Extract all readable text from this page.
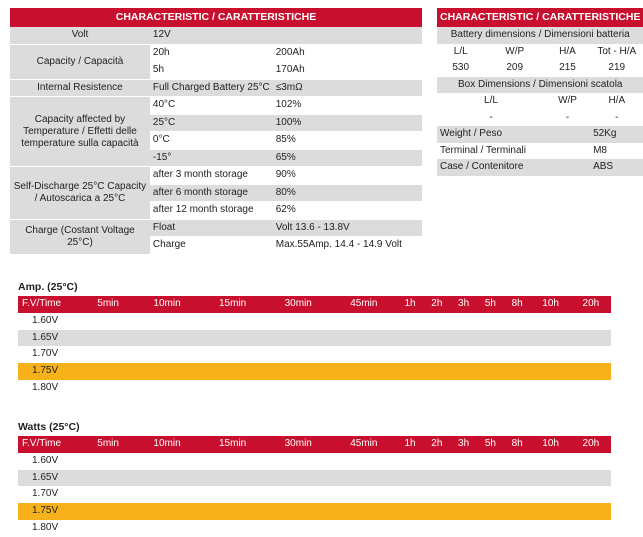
CHARACTERISTIC / CARATTERISTICHE		
Volt	12V	
Capacity / Capacità	20h	200Ah
	5h	170Ah
Internal Resistence	Full Charged Battery 25°C	≤3mΩ
Capacity affected by Temperature / Effetti delle temperature sulla capacità	40°C	102%
	25°C	100%
	0°C	85%
	-15°	65%
Self-Discharge 25°C Capacity / Autoscarica a 25°C	after 3 month storage	90%
	after 6 month storage	80%
	after 12 month storage	62%
Charge (Costant Voltage 25°C)	Float	Volt 13.6 - 13.8V
	Charge	Max.55Amp. 14.4 - 14.9 Volt
CHARACTERISTIC / CARATTERISTICHE			
Battery dimensions / Dimensioni batteria			
L/L	W/P	H/A	Tot - H/A
530	209	215	219
Box Dimensions / Dimensioni scatola			
L/L		W/P	H/A
-		-	-
Weight / Peso			52Kg
Terminal / Terminali			M8
Case / Contenitore			ABS
Amp. (25°C)
F.V/Time	5min	10min	15min	30min	45min	1h	2h	3h	5h	8h	10h	20h
1.60V												
1.65V												
1.70V												
1.75V												
1.80V												
Watts (25°C)
F.V/Time	5min	10min	15min	30min	45min	1h	2h	3h	5h	8h	10h	20h
1.60V												
1.65V												
1.70V												
1.75V												
1.80V												
